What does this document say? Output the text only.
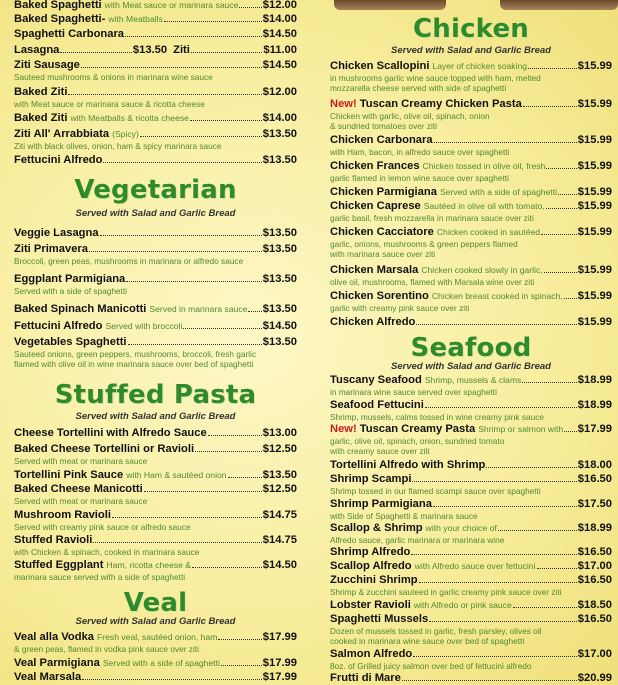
Baked Spaghetti with Meat sauce or marinara sauce $12.00
Baked Spaghetti- with Meatballs	$14.00
Spaghetti Carbonara	$14.50
Lasagna	$13.50 Ziti	$11.00
Ziti Sausage	$14.50
Sauteed mushrooms & onions in marinara wine sauce
Baked Ziti	$12.00
with Meat sauce or marinara sauce & ricotta cheese
Baked Ziti with Meatballs & ricotta cheese	$14.00
Ziti All' Arrabbiata (Spicy)	$13.50
Ziti with black olives, onion, ham & spicy marinara sauce
Fettucini Alfredo	$13.50
Vegetarian
Served with Salad and Garlic Bread
Veggie Lasagna	$13.50
Ziti Primavera	$13.50
Broccoli, green peas, mushrooms in marinara or alfredo sauce
Eggplant Parmigiana	$13.50
Served with a side of spaghetti
Baked Spinach Manicotti Served in marinara sauce $13.50
Fettucini Alfredo Served with broccoli	$14.50
Vegetables Spaghetti	$13.50
Sauteed onions, green peppers, mushrooms, broccoli, fresh garlic
flamed with olive oil in wine marinara sauce over bed of spaghetti
Stuffed Pasta
Served with Salad and Garlic Bread
Cheese Tortellini with Alfredo Sauce	$13.00
Baked Cheese Tortellini or Ravioli	$12.50
Served with meat or marinara sauce
Tortellini Pink Sauce with Ham & sautéed onion	$13.50
Baked Cheese Manicotti	$12.50
Served with meat or marinara sauce
Mushroom Ravioli	$14.75
Served with creamy pink sauce or alfredo sauce
Stuffed Ravioli	$14.75
with Chicken & spinach, cooked in marinara sauce
Stuffed Eggplant Ham, ricotta cheese &	$14.50
marinara sauce served with a side of spaghetti
Veal
Served with Salad and Garlic Bread
Veal alla Vodka Fresh veal, sautéed onion, ham	$17.99
& green peas, flamed in vodka pink sauce over ziti
Veal Parmigiana Served with a side of spaghetti	$17.99
Veal Marsala	$17.99
Chicken
Served with Salad and Garlic Bread
Chicken Scallopini Layer of chicken soaking	$15.99
in mushrooms garlic wine sauce topped with ham, melted
mozzarella cheese served with side of spaghetti
New! Tuscan Creamy Chicken Pasta	$15.99
Chicken with garlic, olive oil, spinach, onion
& sundried tomatoes over ziti
Chicken Carbonara	$15.99
with Ham, bacon, in alfredo sauce over spaghetti
Chicken Frances Chicken tossed in olive oil, fresh	$15.99
garlic flamed in lemon wine sauce over spaghetti
Chicken Parmigiana Served with a side of spaghetti $15.99
Chicken Caprese Sautéed in olive oil with tomato,	$15.99
garlic basil, fresh mozzarella in marinara sauce over ziti
Chicken Cacciatore Chicken cooked in sautéed	$15.99
garlic, onions, mushrooms & green peppers flamed
with marinara sauce over ziti
Chicken Marsala Chicken cooked slowly in garlic,	$15.99
olive oil, mushrooms, flamed with Marsala wine over ziti
Chicken Sorentino Chicken breast cooked in spinach, $15.99
garlic with creamy pink sauce over ziti
Chicken Alfredo	$15.99
Seafood
Served with Salad and Garlic Bread
Tuscany Seafood Shrimp, mussels & clams	$18.99
in marinara wine sauce served over spaghetti
Seafood Fettucini	$18.99
Shrimp, mussels, calms tossed in wine creamy pink sauce
New! Tuscan Creamy Pasta Shrimp or salmon with $17.99
garlic, olive oil, spinach, onion, sundried tomato
with creamy sauce over ziti
Tortellini Alfredo with Shrimp	$18.00
Shrimp Scampi	$16.50
Shrimp tossed in our flamed scampi sauce over spaghetti
Shrimp Parmigiana	$17.50
with Side of Spaghetti & marinara sauce
Scallop & Shrimp with your choice of	$18.99
Alfredo sauce, garlic marinara or marinara wine
Shrimp Alfredo	$16.50
Scallop Alfredo with Alfredo sauce over fettucini	$17.00
Zucchini Shrimp	$16.50
Shrimp & zucchini sauteed in garlic creamy pink sauce over ziti
Lobster Ravioli with Alfredo or pink sauce	$18.50
Spaghetti Mussels	$16.50
Dozen of mussels tossed in garlic, fresh parsley, olives oil
cooked in marinara wine sauce over bed of spaghetti
Salmon Alfredo	$17.00
8oz. of Grilled juicy salmon over bed of fettucini alfredo
Frutti di Mare	$20.99
